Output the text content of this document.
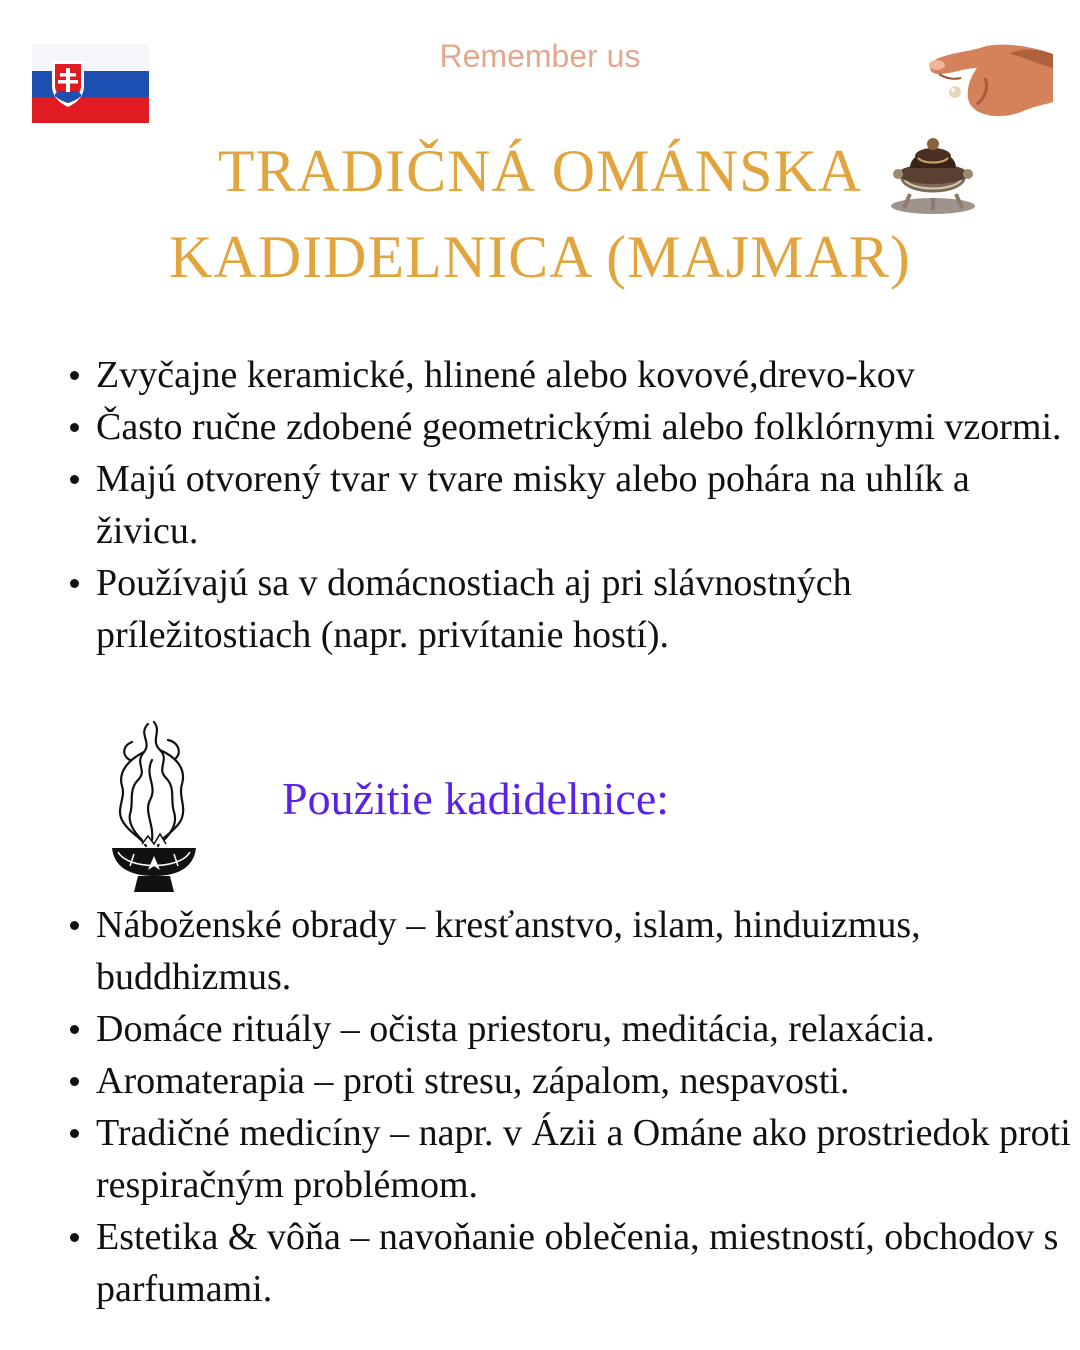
Remember us
TRADIČNÁ OMÁNSKA
KADIDELNICA (MAJMAR)
Zvyčajne keramické, hlinené alebo kovové,drevo-kov
Často ručne zdobené geometrickými alebo folklórnymi vzormi.
Majú otvorený tvar v tvare misky alebo pohára na uhlík a živicu.
Používajú sa v domácnostiach aj pri slávnostných príležitostiach (napr. privítanie hostí).
Použitie kadidelnice:
Náboženské obrady – kresťanstvo, islam, hinduizmus, buddhizmus.
Domáce rituály – očista priestoru, meditácia, relaxácia.
Aromaterapia – proti stresu, zápalom, nespavosti.
Tradičné medicíny – napr. v Ázii a Ománe ako prostriedok proti respiračným problémom.
Estetika & vôňa – navoňanie oblečenia, miestností, obchodov s parfumami.
